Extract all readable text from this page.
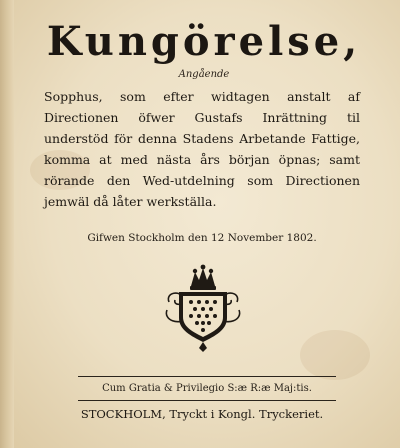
Kungörelse,
Angående

Sopphus, som efter widtagen anstalt af Directionen öfwer Gustafs Inrättning til understöd för denna Stadens Arbetande Fattige, komma at med nästa års början öpnas; samt rörande den Wed-utdelning som Directionen jemwäl då låter werkställa.

Gifwen Stockholm den 12 November 1802.
Cum Gratia & Privilegio S:æ R:æ Maj:tis.
STOCKHOLM, Tryckt i Kongl. Tryckeriet.
